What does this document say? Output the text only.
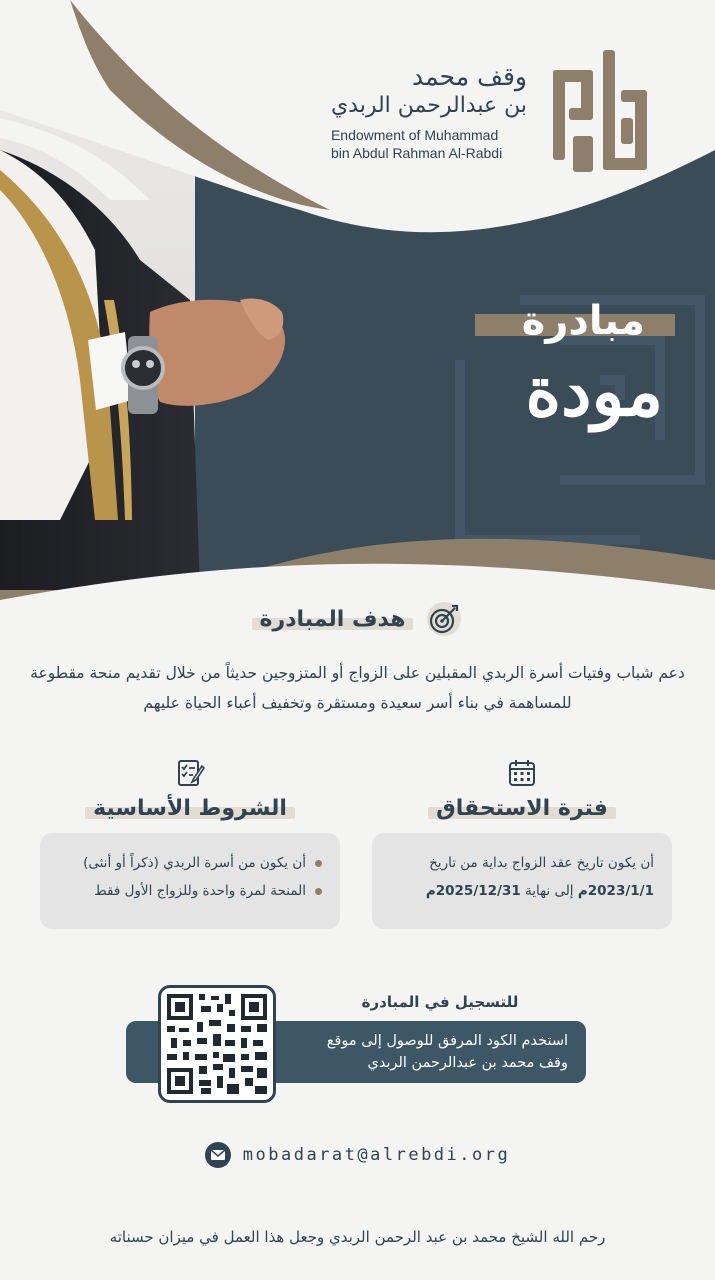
وقف محمد
بن عبدالرحمن الربدي
Endowment of Muhammad
bin Abdul Rahman Al-Rabdi
مبادرة
مودة
هدف المبادرة
دعم شباب وفتيات أسرة الربدي المقبلين على الزواج أو المتزوجين حديثاً من خلال تقديم منحة مقطوعة للمساهمة في بناء أسر سعيدة ومستقرة وتخفيف أعباء الحياة عليهم
فترة الاستحقاق
أن يكون تاريخ عقد الزواج بداية من تاريخ
2023/1/1م إلى نهاية 2025/12/31م
الشروط الأساسية
أن يكون من أسرة الربدي (ذكراً أو أنثى)
المنحة لمرة واحدة وللزواج الأول فقط
للتسجيل في المبادرة
استخدم الكود المرفق للوصول إلى موقع
وقف محمد بن عبدالرحمن الربدي
mobadarat@alrebdi.org
رحم الله الشيخ محمد بن عبد الرحمن الربدي وجعل هذا العمل في ميزان حسناته
